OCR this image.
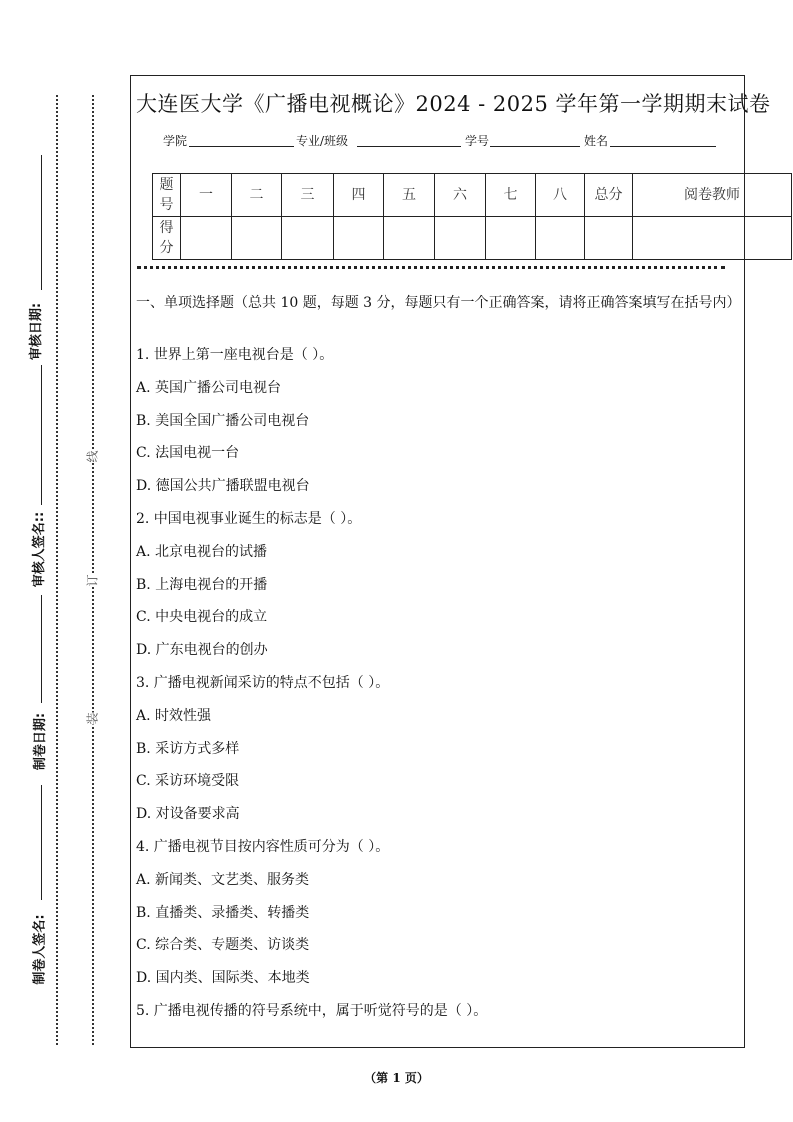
审核日期:
审核人签名::
制卷日期:
制卷人签名:
线
订
装
大连医大学《广播电视概论》2024 - 2025 学年第一学期期末试卷
学院	专业/班级	学号	姓名
题号	一	二	三	四	五	六	七	八	总分	阅卷教师
得分										
一、单项选择题（总共 10 题，每题 3 分，每题只有一个正确答案，请将正确答案填写在括号内）
1. 世界上第一座电视台是（ ）。
A. 英国广播公司电视台
B. 美国全国广播公司电视台
C. 法国电视一台
D. 德国公共广播联盟电视台
2. 中国电视事业诞生的标志是（ ）。
A. 北京电视台的试播
B. 上海电视台的开播
C. 中央电视台的成立
D. 广东电视台的创办
3. 广播电视新闻采访的特点不包括（ ）。
A. 时效性强
B. 采访方式多样
C. 采访环境受限
D. 对设备要求高
4. 广播电视节目按内容性质可分为（ ）。
A. 新闻类、文艺类、服务类
B. 直播类、录播类、转播类
C. 综合类、专题类、访谈类
D. 国内类、国际类、本地类
5. 广播电视传播的符号系统中，属于听觉符号的是（ ）。
（第 1 页）
